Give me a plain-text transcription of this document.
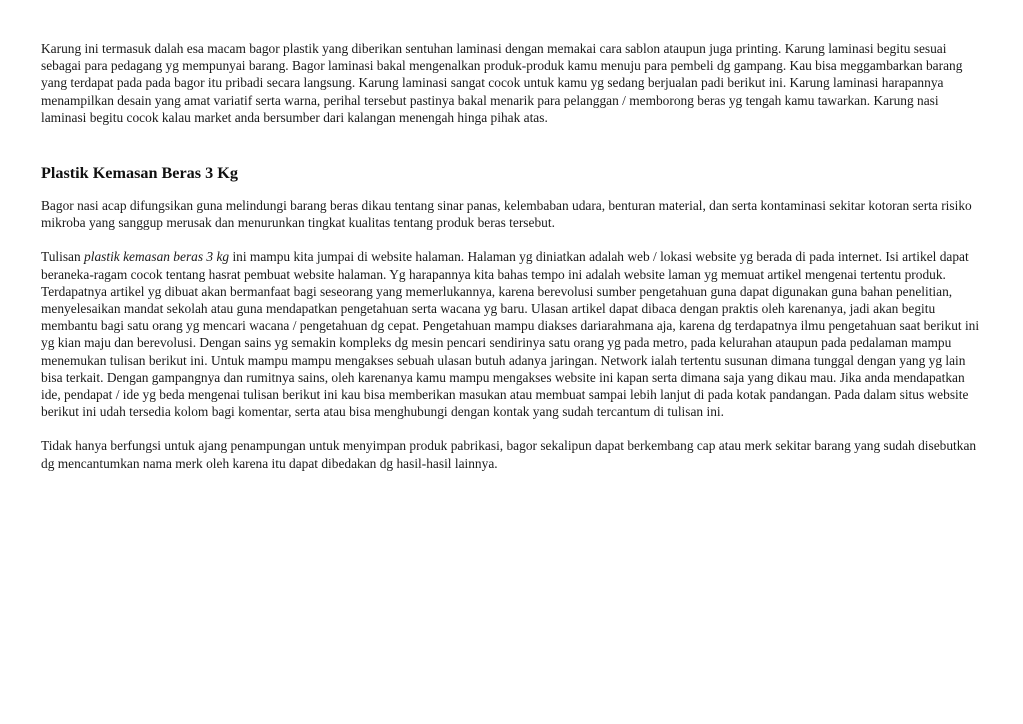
Karung ini termasuk dalah esa macam bagor plastik yang diberikan sentuhan laminasi dengan memakai cara sablon ataupun juga printing. Karung laminasi begitu sesuai sebagai para pedagang yg mempunyai barang. Bagor laminasi bakal mengenalkan produk-produk kamu menuju para pembeli dg gampang. Kau bisa meggambarkan barang yang terdapat pada pada bagor itu pribadi secara langsung. Karung laminasi sangat cocok untuk kamu yg sedang berjualan padi berikut ini. Karung laminasi harapannya menampilkan desain yang amat variatif serta warna, perihal tersebut pastinya bakal menarik para pelanggan / memborong beras yg tengah kamu tawarkan. Karung nasi laminasi begitu cocok kalau market anda bersumber dari kalangan menengah hinga pihak atas.

Plastik Kemasan Beras 3 Kg

Bagor nasi acap difungsikan guna melindungi barang beras dikau tentang sinar panas, kelembaban udara, benturan material, dan serta kontaminasi sekitar kotoran serta risiko mikroba yang sanggup merusak dan menurunkan tingkat kualitas tentang produk beras tersebut.

Tulisan plastik kemasan beras 3 kg ini mampu kita jumpai di website halaman. Halaman yg diniatkan adalah web / lokasi website yg berada di pada internet. Isi artikel dapat beraneka-ragam cocok tentang hasrat pembuat website halaman. Yg harapannya kita bahas tempo ini adalah website laman yg memuat artikel mengenai tertentu produk. Terdapatnya artikel yg dibuat akan bermanfaat bagi seseorang yang memerlukannya, karena berevolusi sumber pengetahuan guna dapat digunakan guna bahan penelitian, menyelesaikan mandat sekolah atau guna mendapatkan pengetahuan serta wacana yg baru. Ulasan artikel dapat dibaca dengan praktis oleh karenanya, jadi akan begitu membantu bagi satu orang yg mencari wacana / pengetahuan dg cepat. Pengetahuan mampu diakses dariarahmana aja, karena dg terdapatnya ilmu pengetahuan saat berikut ini yg kian maju dan berevolusi. Dengan sains yg semakin kompleks dg mesin pencari sendirinya satu orang yg pada metro, pada kelurahan ataupun pada pedalaman mampu menemukan tulisan berikut ini. Untuk mampu mampu mengakses sebuah ulasan butuh adanya jaringan. Network ialah tertentu susunan dimana tunggal dengan yang yg lain bisa terkait. Dengan gampangnya dan rumitnya sains, oleh karenanya kamu mampu mengakses website ini kapan serta dimana saja yang dikau mau. Jika anda mendapatkan ide, pendapat / ide yg beda mengenai tulisan berikut ini kau bisa memberikan masukan atau membuat sampai lebih lanjut di pada kotak pandangan. Pada dalam situs website berikut ini udah tersedia kolom bagi komentar, serta atau bisa menghubungi dengan kontak yang sudah tercantum di tulisan ini.

Tidak hanya berfungsi untuk ajang penampungan untuk menyimpan produk pabrikasi, bagor sekalipun dapat berkembang cap atau merk sekitar barang yang sudah disebutkan dg mencantumkan nama merk oleh karena itu dapat dibedakan dg hasil-hasil lainnya.
